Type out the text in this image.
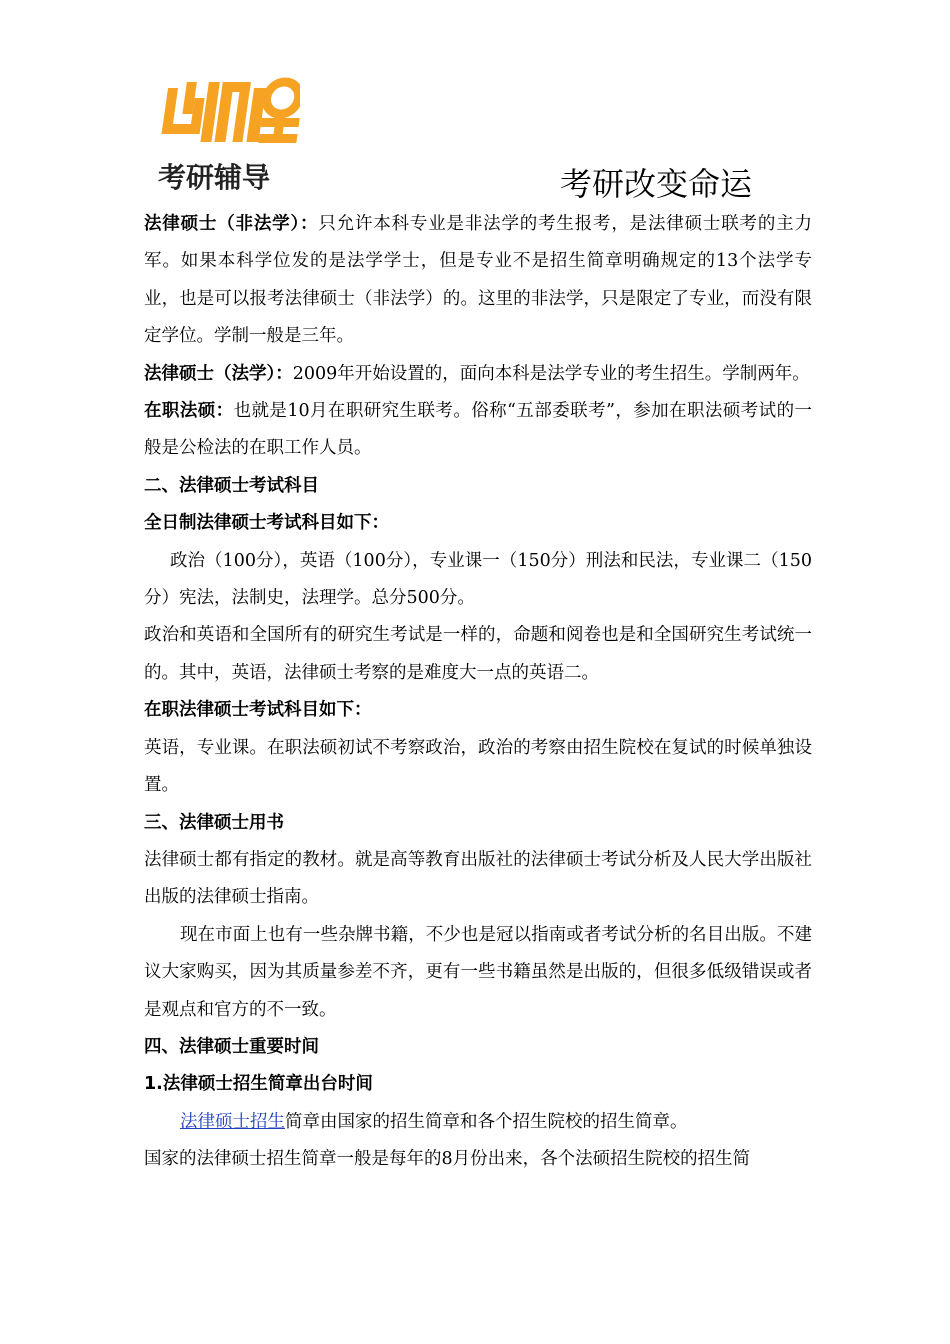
考研辅导	考研改变命运

法律硕士（非法学）：只允许本科专业是非法学的考生报考，是法律硕士联考的主力军。如果本科学位发的是法学学士，但是专业不是招生简章明确规定的13个法学专业，也是可以报考法律硕士（非法学）的。这里的非法学，只是限定了专业，而没有限定学位。学制一般是三年。

法律硕士（法学）：2009年开始设置的，面向本科是法学专业的考生招生。学制两年。

在职法硕：也就是10月在职研究生联考。俗称“五部委联考”，参加在职法硕考试的一般是公检法的在职工作人员。

二、法律硕士考试科目

全日制法律硕士考试科目如下：

政治（100分），英语（100分），专业课一（150分）刑法和民法，专业课二（150分）宪法，法制史，法理学。总分500分。

政治和英语和全国所有的研究生考试是一样的，命题和阅卷也是和全国研究生考试统一的。其中，英语，法律硕士考察的是难度大一点的英语二。

在职法律硕士考试科目如下：

英语，专业课。在职法硕初试不考察政治，政治的考察由招生院校在复试的时候单独设置。

三、法律硕士用书

法律硕士都有指定的教材。就是高等教育出版社的法律硕士考试分析及人民大学出版社出版的法律硕士指南。

现在市面上也有一些杂牌书籍，不少也是冠以指南或者考试分析的名目出版。不建议大家购买，因为其质量参差不齐，更有一些书籍虽然是出版的，但很多低级错误或者是观点和官方的不一致。

四、法律硕士重要时间

1.法律硕士招生简章出台时间

法律硕士招生简章由国家的招生简章和各个招生院校的招生简章。

国家的法律硕士招生简章一般是每年的8月份出来，各个法硕招生院校的招生简
